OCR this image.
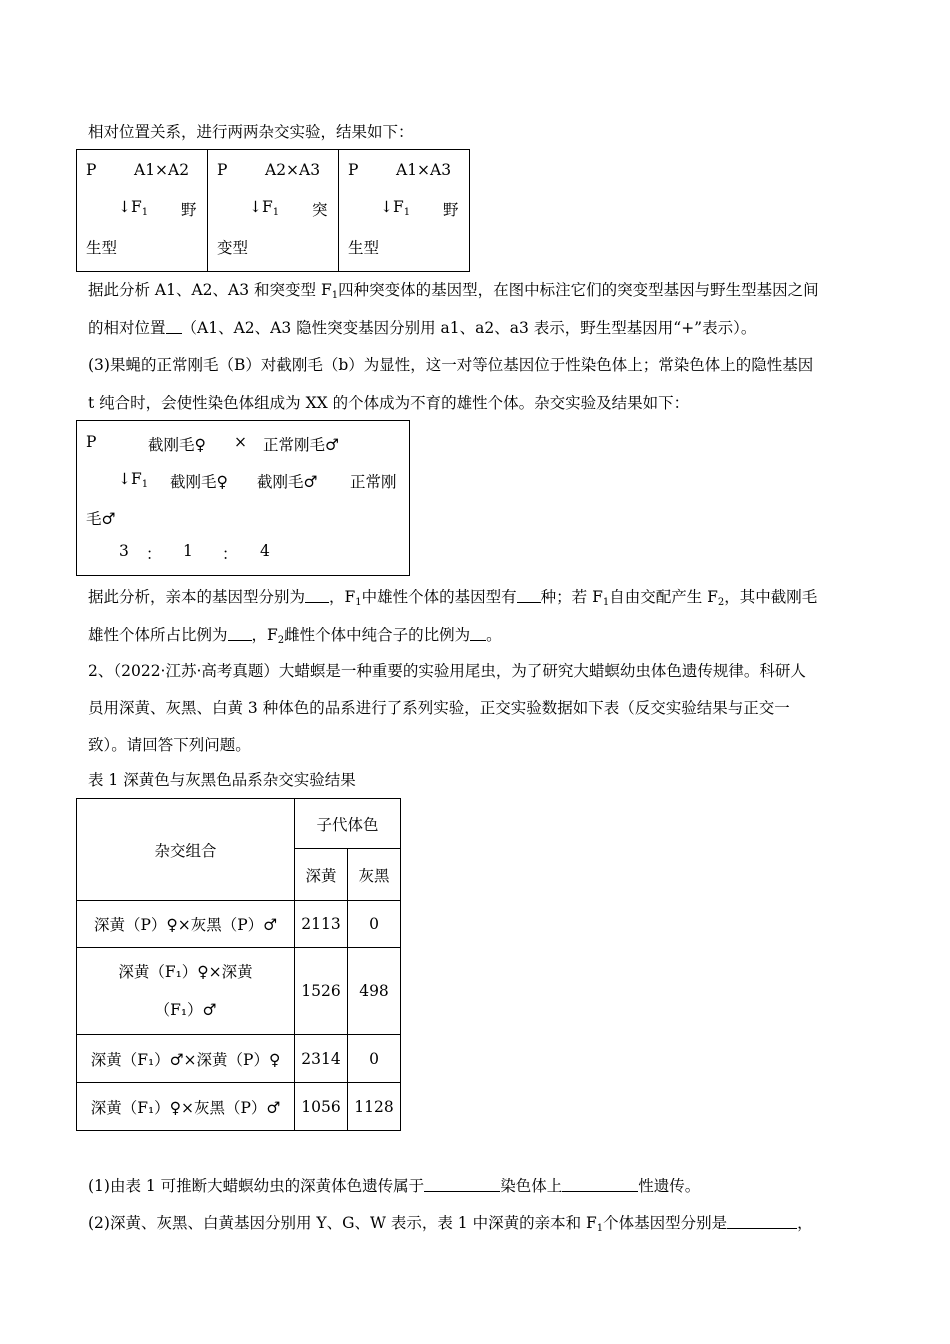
相对位置关系，进行两两杂交实验，结果如下：
P A1×A2
$↓F_1$ 野
生型
P A2×A3
$↓F_1$ 突
变型
P A1×A3
$↓F_1$ 野
生型
据此分析 A1、A2、A3 和突变型 $F_1$四种突变体的基因型，在图中标注它们的突变型基因与野生型基因之间
的相对位置 （A1、A2、A3 隐性突变基因分别用 a1、a2、a3 表示，野生型基因用“+”表示）。
(3)果蝇的正常刚毛（B）对截刚毛（b）为显性，这一对等位基因位于性染色体上；常染色体上的隐性基因
t 纯合时，会使性染色体组成为 XX 的个体成为不育的雄性个体。杂交实验及结果如下：
P	截刚毛♀ × 正常刚毛♂
$↓F_1$ 截刚毛♀ 截刚毛♂ 正常刚
毛♂
3 ： 1 ： 4
据此分析，亲本的基因型分别为 ，$F_1$中雄性个体的基因型有 种；若 $F_1$自由交配产生 $F_2$，其中截刚毛
雄性个体所占比例为 ，$F_2$雌性个体中纯合子的比例为 。
2、（2022·江苏·高考真题）大蜡螟是一种重要的实验用尾虫，为了研究大蜡螟幼虫体色遗传规律。科研人
员用深黄、灰黑、白黄 3 种体色的品系进行了系列实验，正交实验数据如下表（反交实验结果与正交一
致）。请回答下列问题。
表 1 深黄色与灰黑色品系杂交实验结果
杂交组合	子代体色	
	深黄	灰黑
深黄（P）♀×灰黑（P）♂	2113	0

深黄（F₁）♀×深黄
（F₁）♂	1526	498
深黄（F₁）♂×深黄（P）♀	2314	0
深黄（F₁）♀×灰黑（P）♂	1056	1128
(1)由表 1 可推断大蜡螟幼虫的深黄体色遗传属于	染色体上	性遗传。
(2)深黄、灰黑、白黄基因分别用 Y、G、W 表示，表 1 中深黄的亲本和 $F_1$个体基因型分别是	，
